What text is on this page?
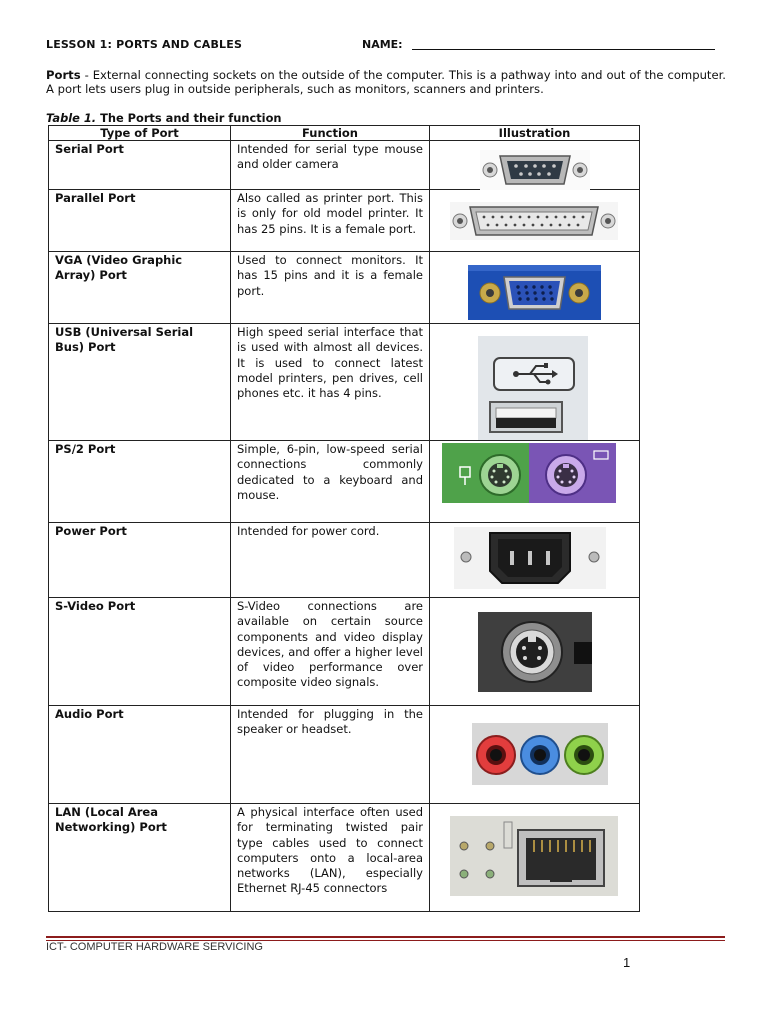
LESSON 1: PORTS AND CABLES	NAME:
Ports - External connecting sockets on the outside of the computer. This is a pathway into and out of the computer. A port lets users plug in outside peripherals, such as monitors, scanners and printers.
Table 1. The Ports and their function
Type of Port	Function	Illustration
Serial Port	Intended for serial type mouse and older camera	

Parallel Port	Also called as printer port. This is only for old model printer. It has 25 pins. It is a female port.	

VGA (Video Graphic Array) Port	Used to connect monitors. It has 15 pins and it is a female port.	

USB (Universal Serial Bus) Port	High speed serial interface that is used with almost all devices. It is used to connect latest model printers, pen drives, cell phones etc. it has 4 pins.	

PS/2 Port	Simple, 6-pin, low-speed serial connections commonly dedicated to a keyboard and mouse.	

Power Port	Intended for power cord.	

S-Video Port	S-Video connections are available on certain source components and video display devices, and offer a higher level of video performance over composite video signals.	

Audio Port	Intended for plugging in the speaker or headset.	

LAN (Local Area Networking) Port	A physical interface often used for terminating twisted pair type cables used to connect computers onto a local-area networks (LAN), especially Ethernet RJ-45 connectors	
ICT- COMPUTER HARDWARE SERVICING
1
